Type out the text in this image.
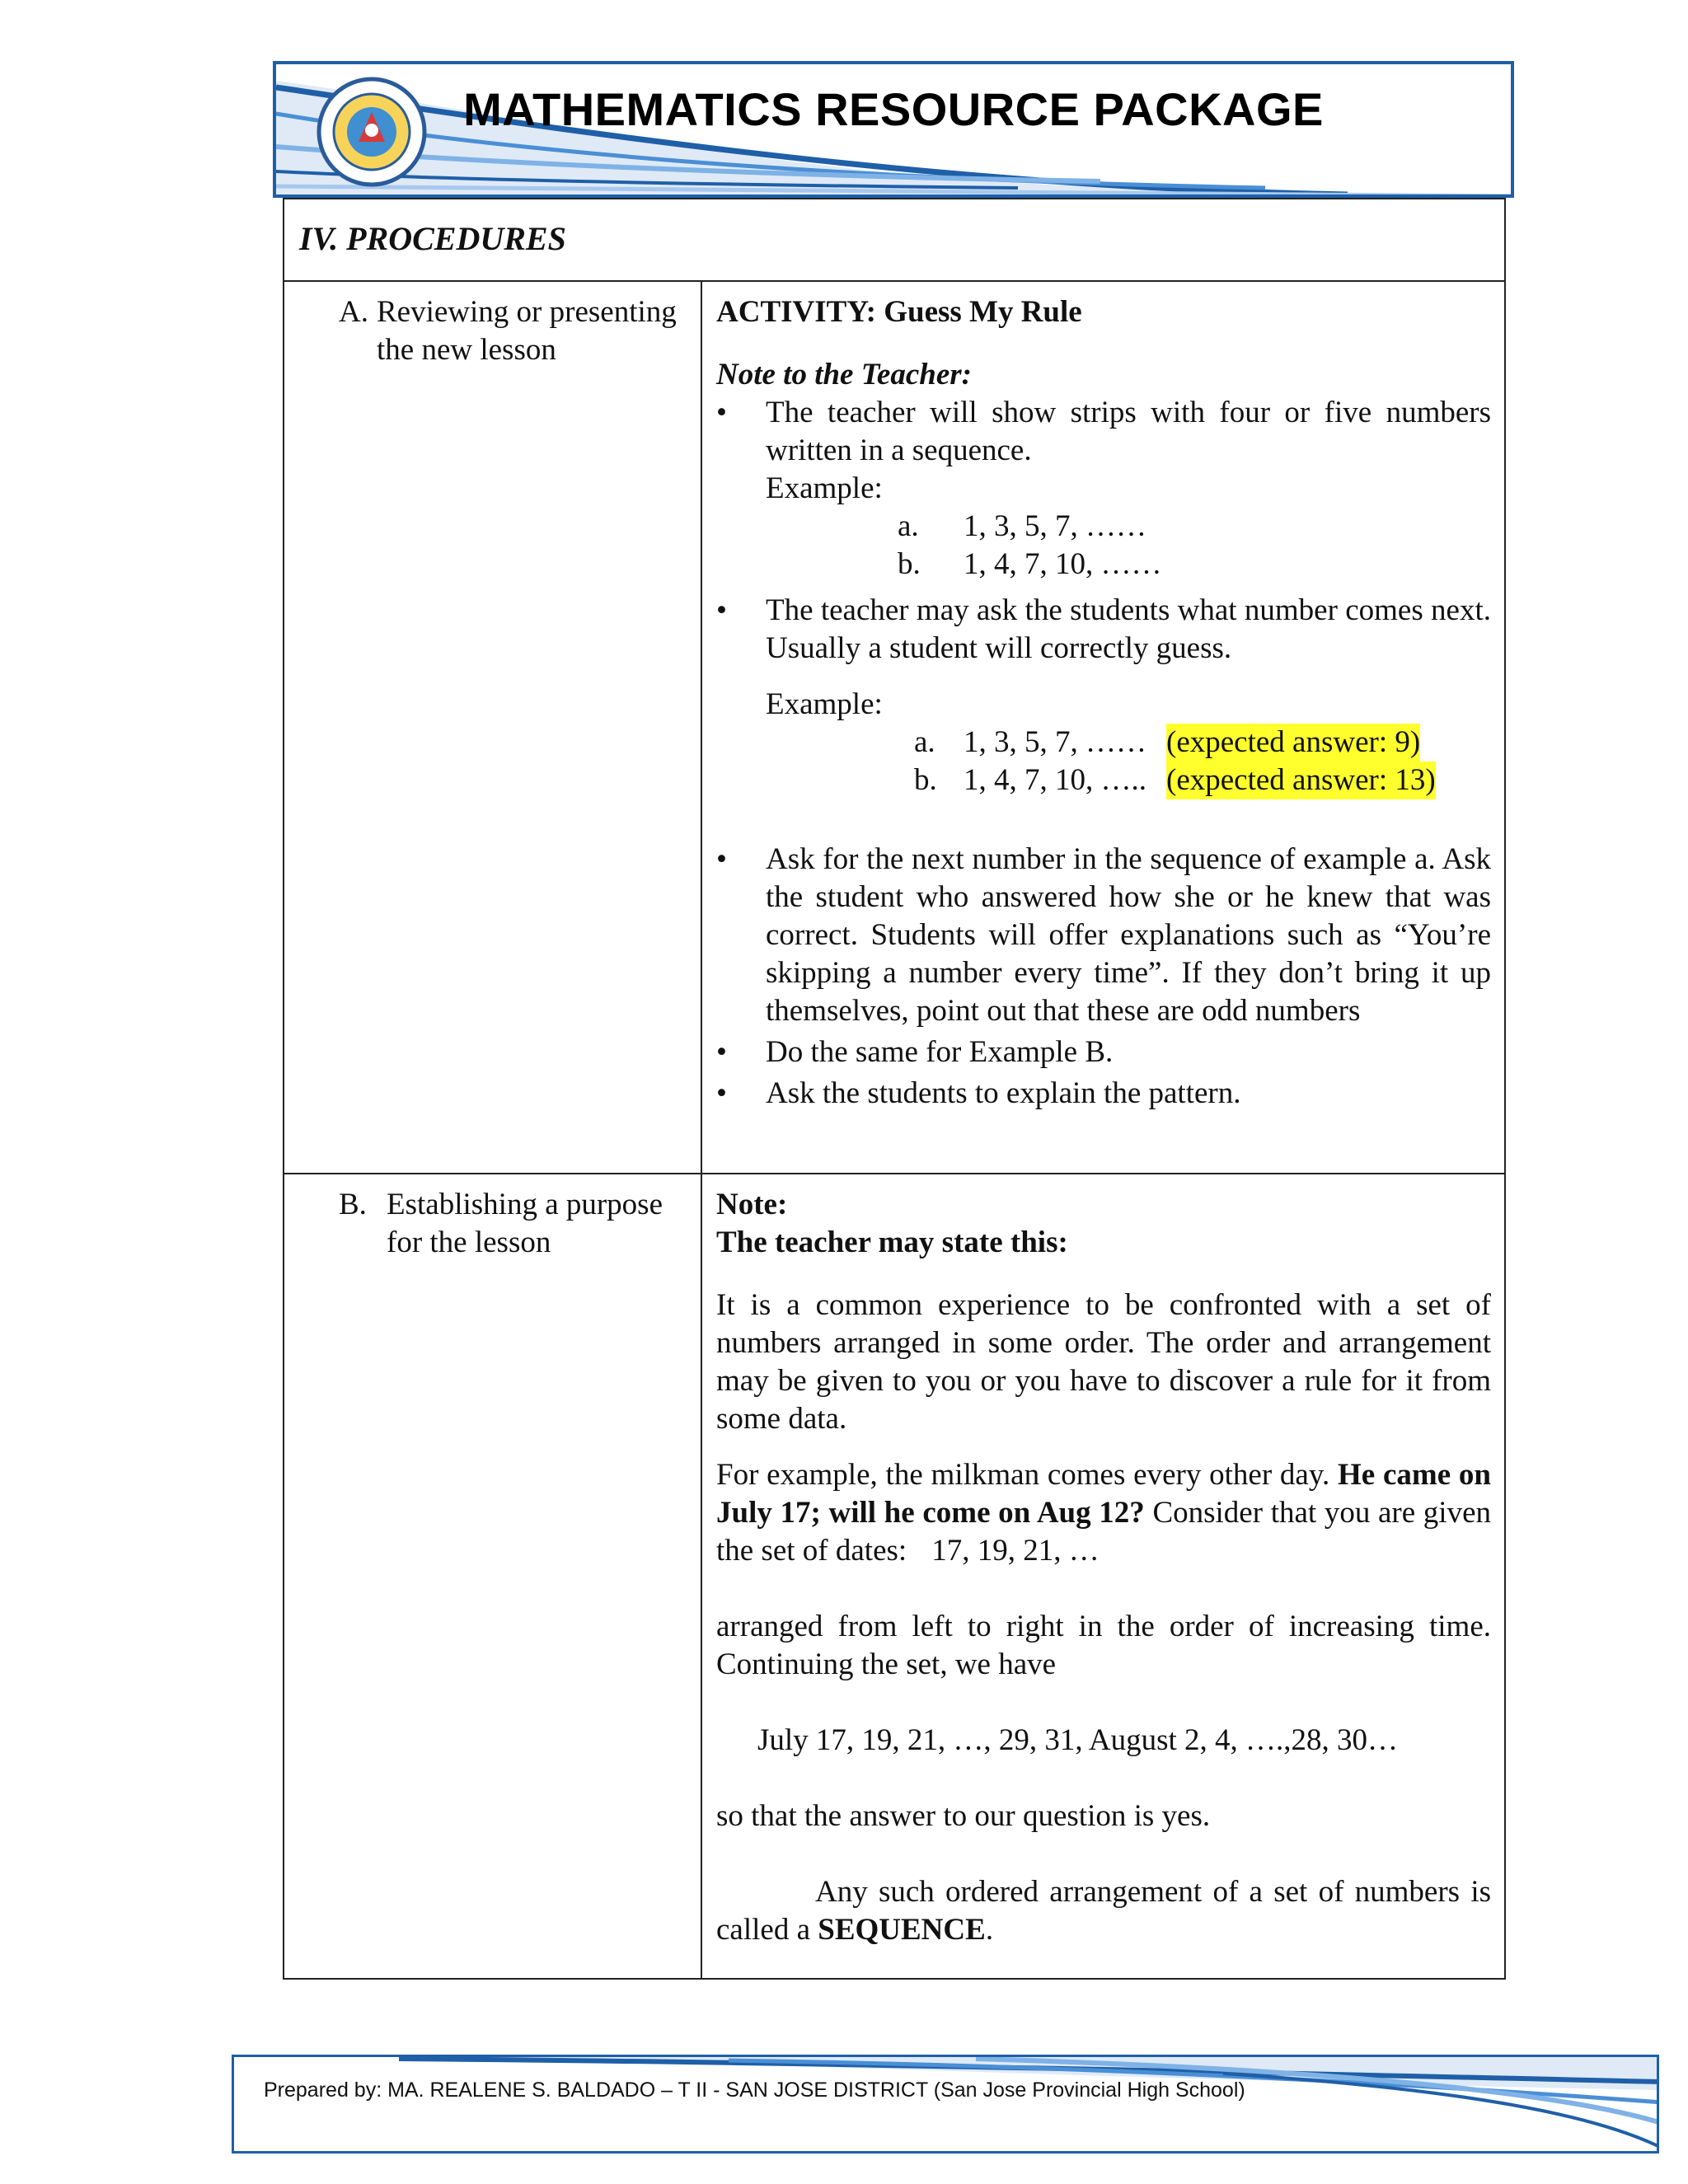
MATHEMATICS RESOURCE PACKAGE
IV. PROCEDURES
A. Reviewing or presenting the new lesson

ACTIVITY: Guess My Rule

Note to the Teacher:

• The teacher will show strips with four or five numbers written in a sequence.

Example:

a. 1, 3, 5, 7, ……
b. 1, 4, 7, 10, ……

• The teacher may ask the students what number comes next. Usually a student will correctly guess.

Example:

a. 1, 3, 5, 7, …… (expected answer: 9)
b. 1, 4, 7, 10, ….. (expected answer: 13)

• Ask for the next number in the sequence of example a. Ask the student who answered how she or he knew that was correct. Students will offer explanations such as “You’re skipping a number every time”. If they don’t bring it up themselves, point out that these are odd numbers

• Do the same for Example B.

• Ask the students to explain the pattern.

B. Establishing a purpose for the lesson

Note:

The teacher may state this:

It is a common experience to be confronted with a set of numbers arranged in some order. The order and arrangement may be given to you or you have to discover a rule for it from some data.

For example, the milkman comes every other day. He came on July 17; will he come on Aug 12? Consider that you are given the set of dates: 17, 19, 21, …

arranged from left to right in the order of increasing time. Continuing the set, we have

July 17, 19, 21, …, 29, 31, August 2, 4, ….,28, 30…

so that the answer to our question is yes.

Any such ordered arrangement of a set of numbers is called a SEQUENCE.

Prepared by: MA. REALENE S. BALDADO – T II - SAN JOSE DISTRICT (San Jose Provincial High School)
